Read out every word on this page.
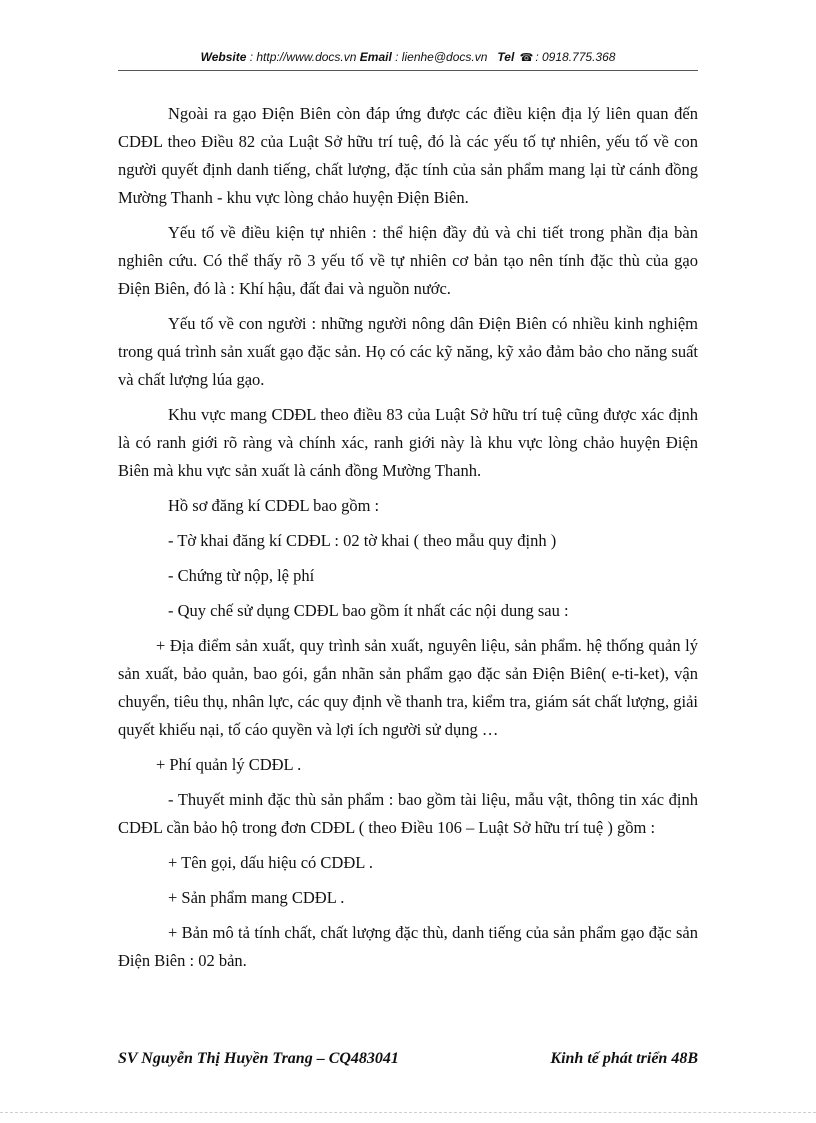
Website : http://www.docs.vn Email : lienhe@docs.vn Tel ☎ : 0918.775.368

Ngoài ra gạo Điện Biên còn đáp ứng được các điều kiện địa lý liên quan đến CDĐL theo Điều 82 của Luật Sở hữu trí tuệ, đó là các yếu tố tự nhiên, yếu tố về con người quyết định danh tiếng, chất lượng, đặc tính của sản phẩm mang lại từ cánh đồng Mường Thanh - khu vực lòng chảo huyện Điện Biên.

Yếu tố về điều kiện tự nhiên : thể hiện đầy đủ và chi tiết trong phần địa bàn nghiên cứu. Có thể thấy rõ 3 yếu tố về tự nhiên cơ bản tạo nên tính đặc thù của gạo Điện Biên, đó là : Khí hậu, đất đai và nguồn nước.

Yếu tố về con người : những người nông dân Điện Biên có nhiều kinh nghiệm trong quá trình sản xuất gạo đặc sản. Họ có các kỹ năng, kỹ xảo đảm bảo cho năng suất và chất lượng lúa gạo.

Khu vực mang CDĐL theo điều 83 của Luật Sở hữu trí tuệ cũng được xác định là có ranh giới rõ ràng và chính xác, ranh giới này là khu vực lòng chảo huyện Điện Biên mà khu vực sản xuất là cánh đồng Mường Thanh.

Hồ sơ đăng kí CDĐL bao gồm :

- Tờ khai đăng kí CDĐL : 02 tờ khai ( theo mẫu quy định )

- Chứng từ nộp, lệ phí

- Quy chế sử dụng CDĐL bao gồm ít nhất các nội dung sau :

+ Địa điểm sản xuất, quy trình sản xuất, nguyên liệu, sản phẩm. hệ thống quản lý sản xuất, bảo quản, bao gói, gắn nhãn sản phẩm gạo đặc sản Điện Biên( e-ti-ket), vận chuyển, tiêu thụ, nhân lực, các quy định về thanh tra, kiểm tra, giám sát chất lượng, giải quyết khiếu nại, tố cáo quyền và lợi ích người sử dụng …

+ Phí quản lý CDĐL .

- Thuyết minh đặc thù sản phẩm : bao gồm tài liệu, mẫu vật, thông tin xác định CDĐL cần bảo hộ trong đơn CDĐL ( theo Điều 106 – Luật Sở hữu trí tuệ ) gồm :

+ Tên gọi, dấu hiệu có CDĐL .

+ Sản phẩm mang CDĐL .

+ Bản mô tả tính chất, chất lượng đặc thù, danh tiếng của sản phẩm gạo đặc sản Điện Biên : 02 bản.

SV Nguyễn Thị Huyền Trang – CQ483041	Kinh tế phát triển 48B
